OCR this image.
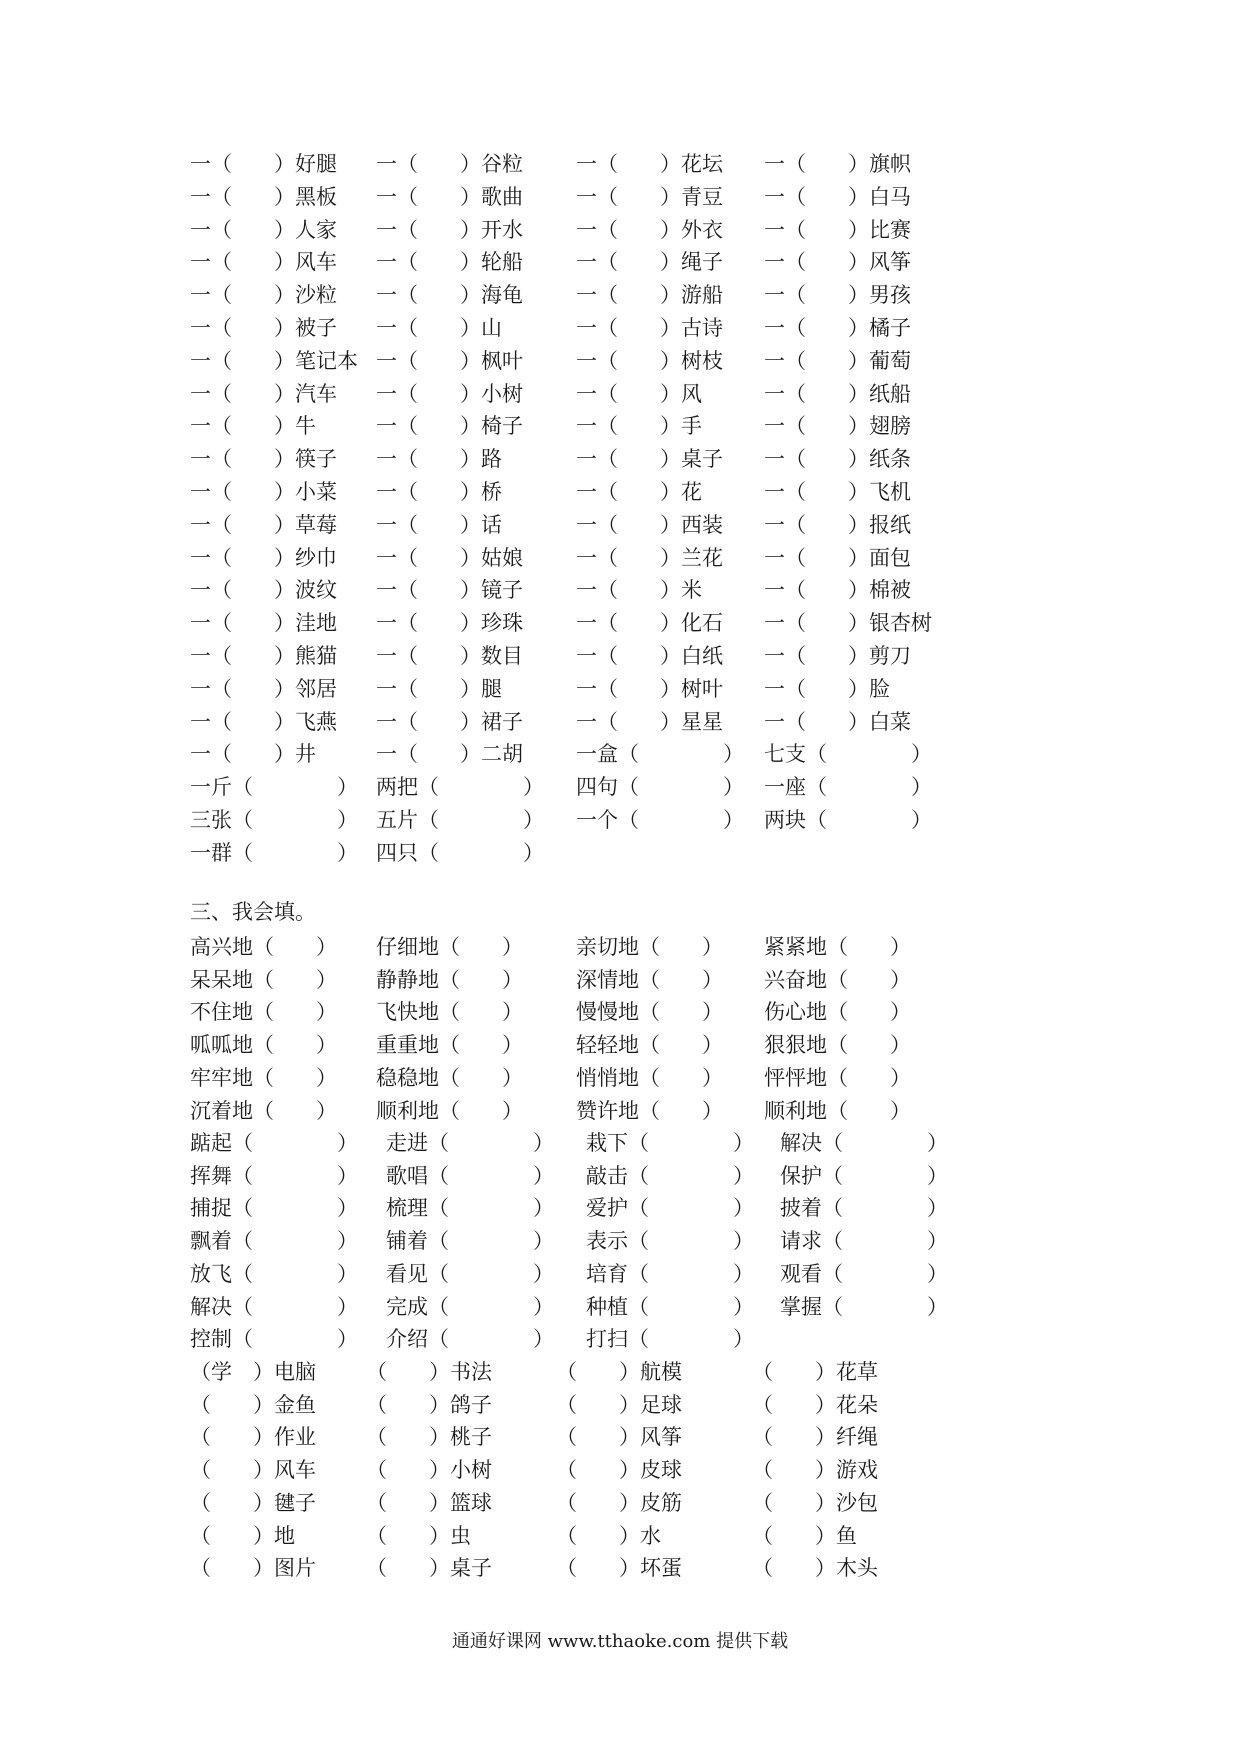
一（　　）好腿 一（　　）谷粒	一（　　）花坛 一（　　）旗帜
一（　　）黑板 一（　　）歌曲	一（　　）青豆 一（　　）白马
一（　　）人家 一（　　）开水	一（　　）外衣 一（　　）比赛
一（　　）风车 一（　　）轮船	一（　　）绳子 一（　　）风筝
一（　　）沙粒 一（　　）海龟	一（　　）游船 一（　　）男孩
一（　　）被子 一（　　）山	一（　　）古诗 一（　　）橘子
一（　　）笔记本 一（　　）枫叶	一（　　）树枝 一（　　）葡萄
一（　　）汽车 一（　　）小树	一（　　）风	一（　　）纸船
一（　　）牛	一（　　）椅子	一（　　）手	一（　　）翅膀
一（　　）筷子 一（　　）路	一（　　）桌子 一（　　）纸条
一（　　）小菜 一（　　）桥	一（　　）花	一（　　）飞机
一（　　）草莓 一（　　）话	一（　　）西装 一（　　）报纸
一（　　）纱巾 一（　　）姑娘	一（　　）兰花 一（　　）面包
一（　　）波纹 一（　　）镜子	一（　　）米	一（　　）棉被
一（　　）洼地 一（　　）珍珠	一（　　）化石 一（　　）银杏树
一（　　）熊猫 一（　　）数目	一（　　）白纸 一（　　）剪刀
一（　　）邻居 一（　　）腿	一（　　）树叶 一（　　）脸
一（　　）飞燕 一（　　）裙子	一（　　）星星 一（　　）白菜
一（　　）井	一（　　）二胡	一盒（　　　　） 七支（　　　　）
一斤（　　　　） 两把（　　　　） 四句（　　　　） 一座（　　　　）
三张（　　　　） 五片（　　　　） 一个（　　　　） 两块（　　　　）
一群（　　　　） 四只（　　　　）
三、我会填。
高兴地（　　） 仔细地（　　）	亲切地（　　） 紧紧地（　　）
呆呆地（　　） 静静地（　　）	深情地（　　） 兴奋地（　　）
不住地（　　） 飞快地（　　）	慢慢地（　　） 伤心地（　　）
呱呱地（　　） 重重地（　　）	轻轻地（　　） 狠狠地（　　）
牢牢地（　　） 稳稳地（　　）	悄悄地（　　） 怦怦地（　　）
沉着地（　　） 顺利地（　　）	赞许地（　　） 顺利地（　　）
踮起（　　　　） 走进（　　　　） 栽下（　　　　） 解决（　　　　）
挥舞（　　　　） 歌唱（　　　　） 敲击（　　　　） 保护（　　　　）
捕捉（　　　　） 梳理（　　　　） 爱护（　　　　） 披着（　　　　）
飘着（　　　　） 铺着（　　　　） 表示（　　　　） 请求（　　　　）
放飞（　　　　） 看见（　　　　） 培育（　　　　） 观看（　　　　）
解决（　　　　） 完成（　　　　） 种植（　　　　） 掌握（　　　　）
控制（　　　　） 介绍（　　　　） 打扫（　　　　）
（学　）电脑 （　　）书法	（　　）航模	（　　）花草
（　　）金鱼 （　　）鸽子	（　　）足球	（　　）花朵
（　　）作业 （　　）桃子	（　　）风筝	（　　）纤绳
（　　）风车 （　　）小树	（　　）皮球	（　　）游戏
（　　）毽子 （　　）篮球	（　　）皮筋	（　　）沙包
（　　）地	（　　）虫	（　　）水	（　　）鱼
（　　）图片 （　　）桌子	（　　）坏蛋	（　　）木头
通通好课网 www.tthaoke.com 提供下载
